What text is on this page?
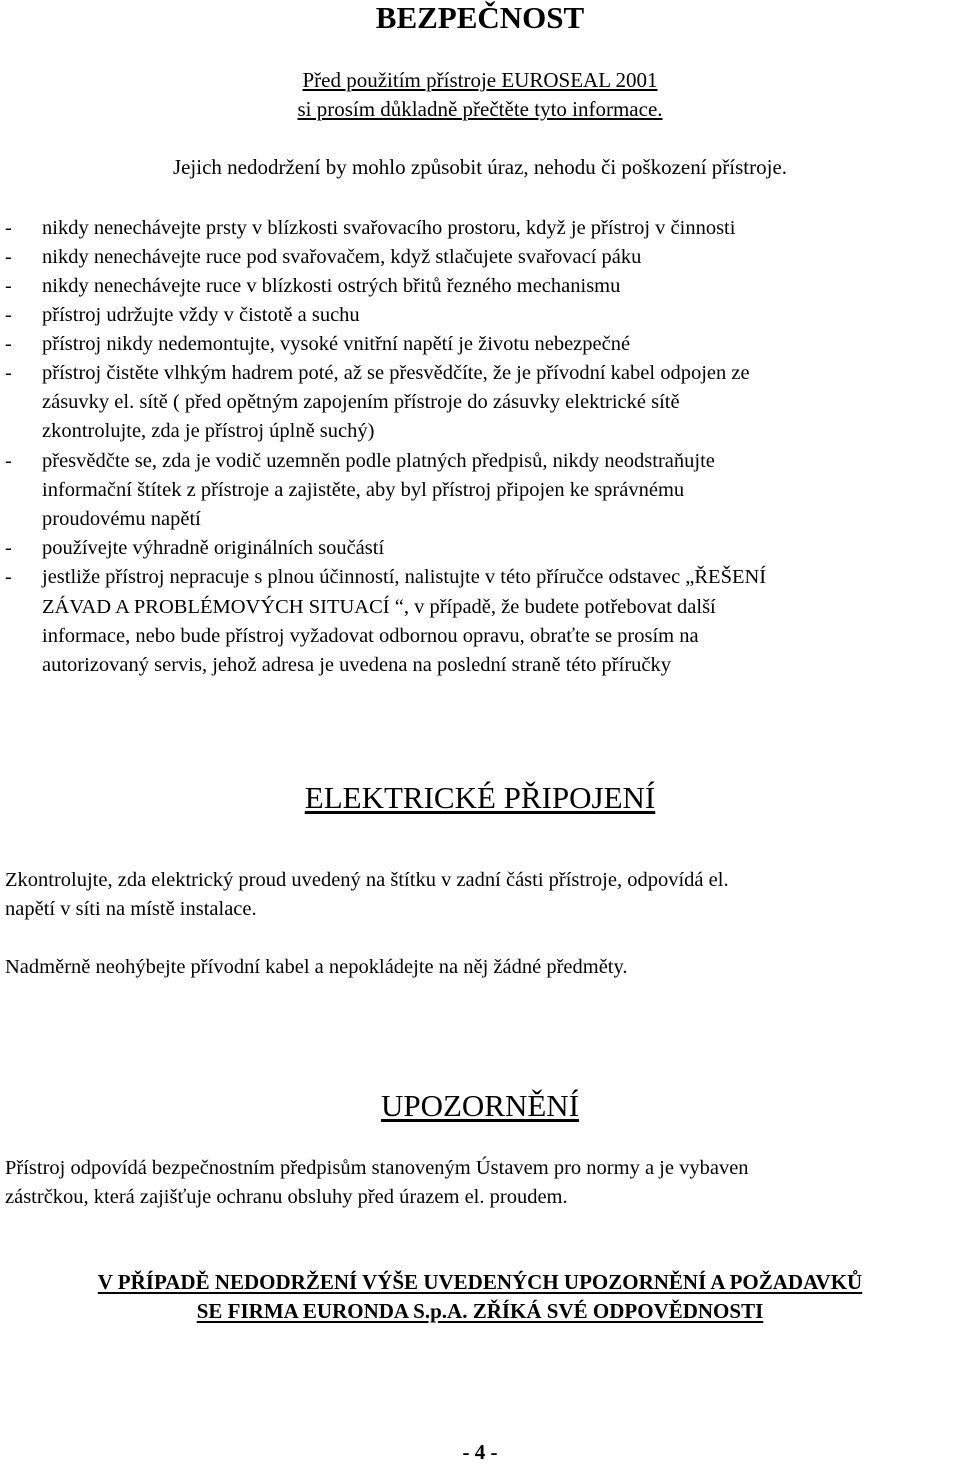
BEZPEČNOST

Před použitím přístroje EUROSEAL 2001

si prosím důkladně přečtěte tyto informace.

Jejich nedodržení by mohlo způsobit úraz, nehodu či poškození přístroje.

- nikdy nenechávejte prsty v blízkosti svařovacího prostoru, když je přístroj v činnosti

- nikdy nenechávejte ruce pod svařovačem, když stlačujete svařovací páku

- nikdy nenechávejte ruce v blízkosti ostrých břitů řezného mechanismu

- přístroj udržujte vždy v čistotě a suchu

- přístroj nikdy nedemontujte, vysoké vnitřní napětí je životu nebezpečné

- přístroj čistěte vlhkým hadrem poté, až se přesvědčíte, že je přívodní kabel odpojen ze

zásuvky el. sítě ( před opětným zapojením přístroje do zásuvky elektrické sítě

zkontrolujte, zda je přístroj úplně suchý)

- přesvědčte se, zda je vodič uzemněn podle platných předpisů, nikdy neodstraňujte

informační štítek z přístroje a zajistěte, aby byl přístroj připojen ke správnému

proudovému napětí

- používejte výhradně originálních součástí

- jestliže přístroj nepracuje s plnou účinností, nalistujte v této příručce odstavec „ŘEŠENÍ

ZÁVAD A PROBLÉMOVÝCH SITUACÍ “, v případě, že budete potřebovat další

informace, nebo bude přístroj vyžadovat odbornou opravu, obraťte se prosím na

autorizovaný servis, jehož adresa je uvedena na poslední straně této příručky

ELEKTRICKÉ PŘIPOJENÍ

Zkontrolujte, zda elektrický proud uvedený na štítku v zadní části přístroje, odpovídá el.

napětí v síti na místě instalace.

Nadměrně neohýbejte přívodní kabel a nepokládejte na něj žádné předměty.

UPOZORNĚNÍ

Přístroj odpovídá bezpečnostním předpisům stanoveným Ústavem pro normy a je vybaven

zástrčkou, která zajišťuje ochranu obsluhy před úrazem el. proudem.

V PŘÍPADĚ NEDODRŽENÍ VÝŠE UVEDENÝCH UPOZORNĚNÍ A POŽADAVKŮ

SE FIRMA EURONDA S.p.A. ZŘÍKÁ SVÉ ODPOVĚDNOSTI

- 4 -
